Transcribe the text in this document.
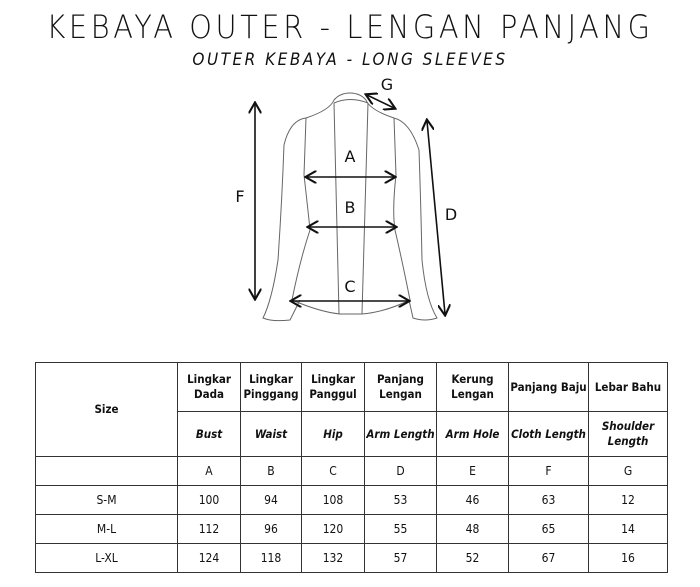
KEBAYA OUTER - LENGAN PANJANG
OUTER KEBAYA - LONG SLEEVES
A
B
C
D
F
G
Size	Lingkar Dada	Lingkar Pinggang	Lingkar Panggul	Panjang Lengan	Kerung Lengan	Panjang Baju	Lebar Bahu
	Bust	Waist	Hip	Arm Length	Arm Hole	Cloth Length	Shoulder Length
	A	B	C	D	E	F	G
S-M	100	94	108	53	46	63	12
M-L	112	96	120	55	48	65	14
L-XL	124	118	132	57	52	67	16
